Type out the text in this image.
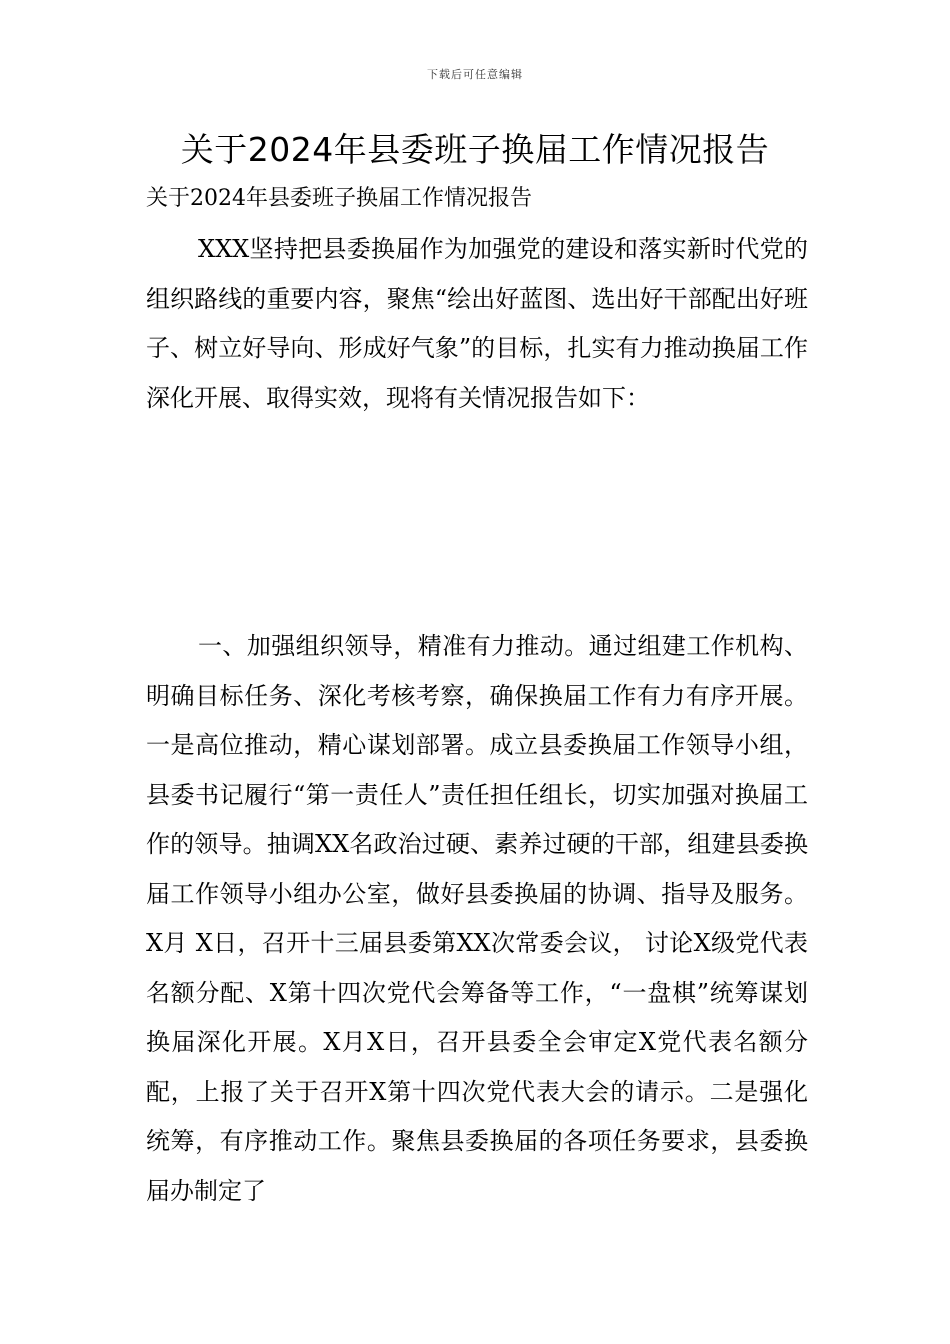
下载后可任意编辑
关于2024年县委班子换届工作情况报告
关于2024年县委班子换届工作情况报告

XXX坚持把县委换届作为加强党的建设和落实新时代党的组织路线的重要内容，聚焦“绘出好蓝图、选出好干部配出好班子、树立好导向、形成好气象”的目标，扎实有力推动换届工作深化开展、取得实效，现将有关情况报告如下：

一、加强组织领导，精准有力推动。通过组建工作机构、 明确目标任务、深化考核考察，确保换届工作有力有序开展。 一是高位推动，精心谋划部署。成立县委换届工作领导小组， 县委书记履行“第一责任人”责任担任组长，切实加强对换届工作的领导。抽调XX名政治过硬、素养过硬的干部，组建县委换届工作领导小组办公室，做好县委换届的协调、指导及服务。X月 X日，召开十三届县委第XX次常委会议， 讨论X级党代表名额分配、X第十四次党代会筹备等工作，“一盘棋”统筹谋划换届深化开展。X月X日，召开县委全会审定X党代表名额分配，上报了关于召开X第十四次党代表大会的请示。二是强化统筹，有序推动工作。聚焦县委换届的各项任务要求，县委换届办制定了
